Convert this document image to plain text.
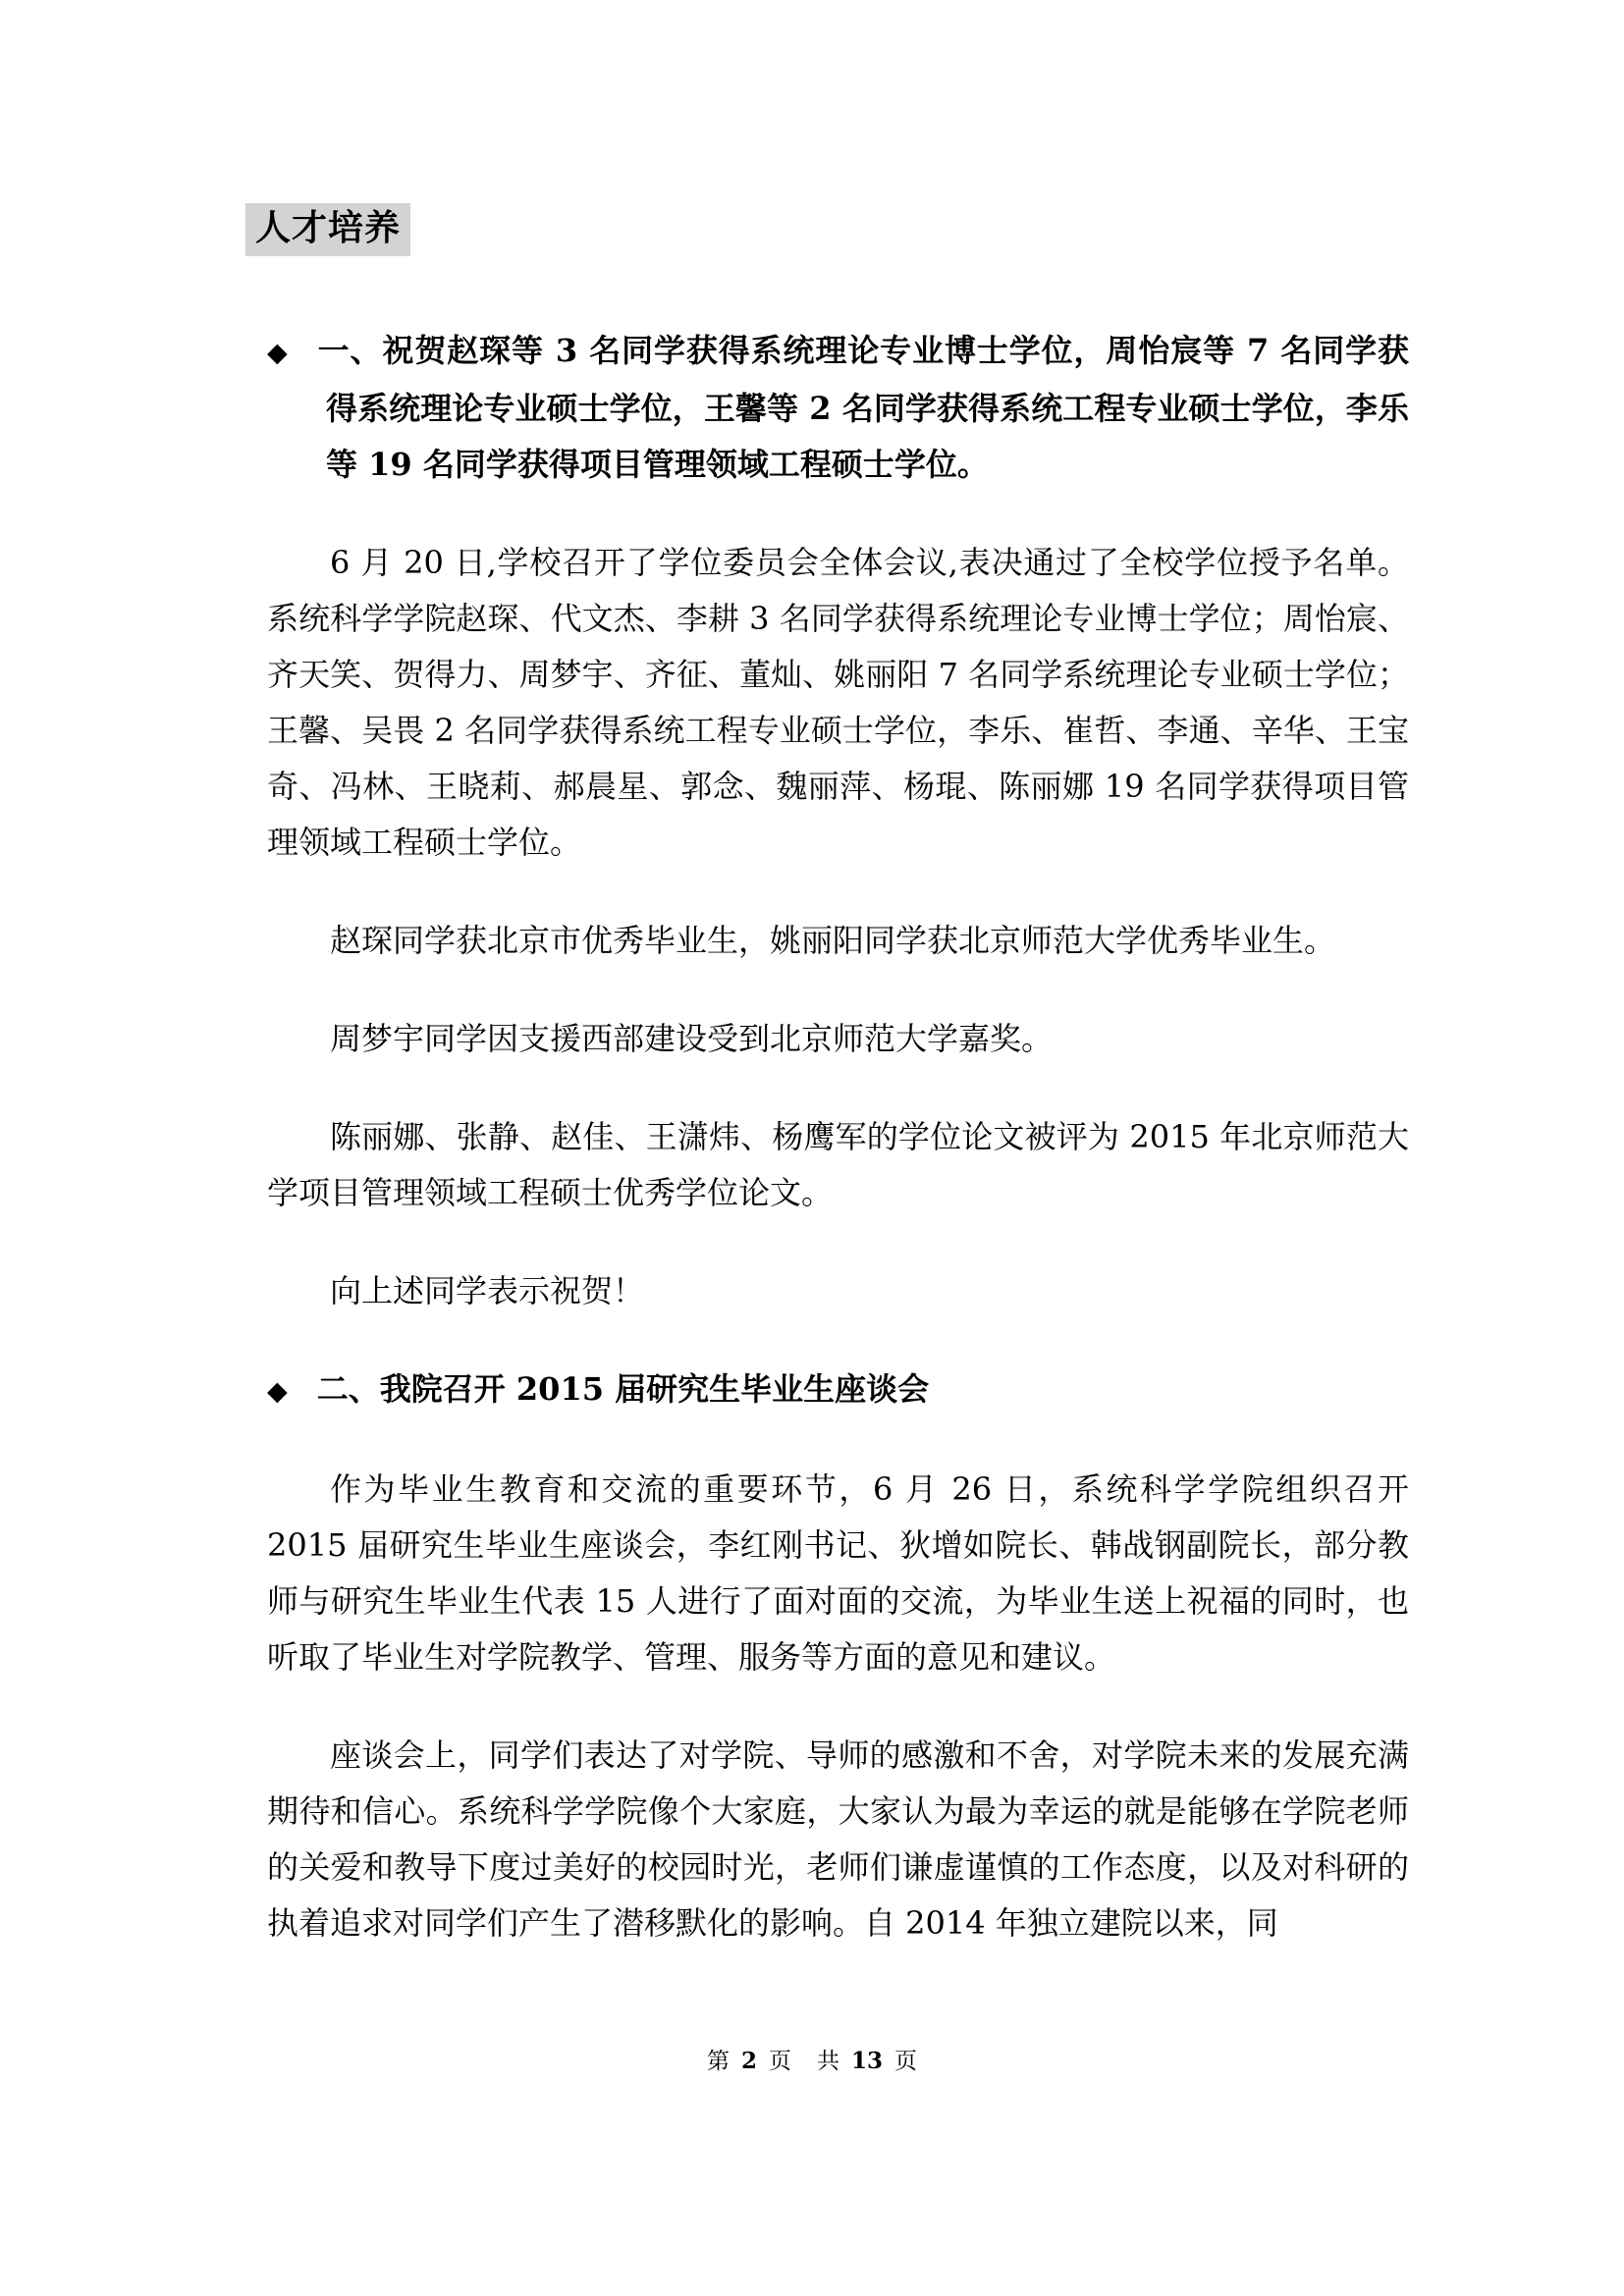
人才培养
◆ 一、祝贺赵琛等 3 名同学获得系统理论专业博士学位，周怡宸等 7 名同学获得系统理论专业硕士学位，王馨等 2 名同学获得系统工程专业硕士学位，李乐等 19 名同学获得项目管理领域工程硕士学位。

6 月 20 日,学校召开了学位委员会全体会议,表决通过了全校学位授予名单。系统科学学院赵琛、代文杰、李耕 3 名同学获得系统理论专业博士学位；周怡宸、齐天笑、贺得力、周梦宇、齐征、董灿、姚丽阳 7 名同学系统理论专业硕士学位；王馨、吴畏 2 名同学获得系统工程专业硕士学位，李乐、崔哲、李通、辛华、王宝奇、冯林、王晓莉、郝晨星、郭念、魏丽萍、杨琨、陈丽娜 19 名同学获得项目管理领域工程硕士学位。

赵琛同学获北京市优秀毕业生，姚丽阳同学获北京师范大学优秀毕业生。

周梦宇同学因支援西部建设受到北京师范大学嘉奖。

陈丽娜、张静、赵佳、王潇炜、杨鹰军的学位论文被评为 2015 年北京师范大学项目管理领域工程硕士优秀学位论文。

向上述同学表示祝贺！

◆ 二、我院召开 2015 届研究生毕业生座谈会

作为毕业生教育和交流的重要环节，6 月 26 日，系统科学学院组织召开 2015 届研究生毕业生座谈会，李红刚书记、狄增如院长、韩战钢副院长，部分教师与研究生毕业生代表 15 人进行了面对面的交流，为毕业生送上祝福的同时，也听取了毕业生对学院教学、管理、服务等方面的意见和建议。

座谈会上，同学们表达了对学院、导师的感激和不舍，对学院未来的发展充满期待和信心。系统科学学院像个大家庭，大家认为最为幸运的就是能够在学院老师的关爱和教导下度过美好的校园时光，老师们谦虚谨慎的工作态度，以及对科研的执着追求对同学们产生了潜移默化的影响。自 2014 年独立建院以来，同

第 2 页 共 13 页
